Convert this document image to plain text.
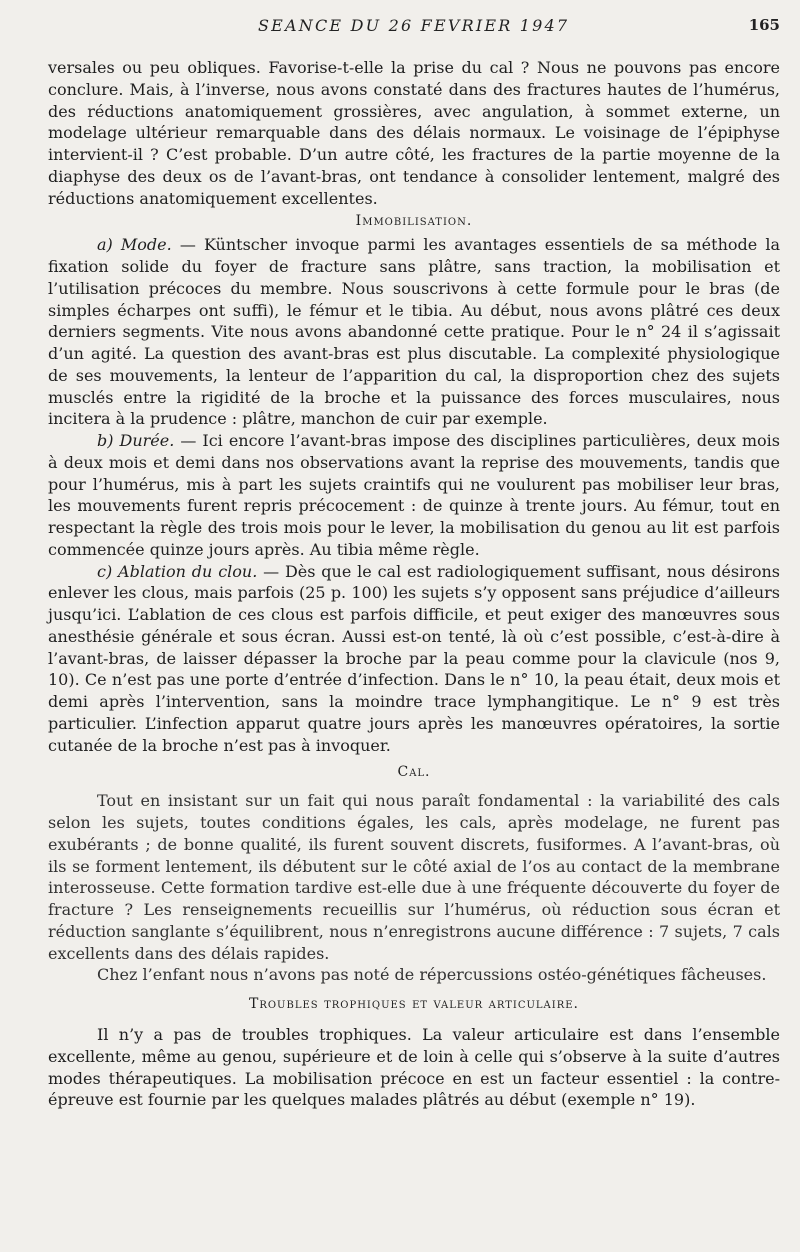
SEANCE DU 26 FEVRIER 1947	165

versales ou peu obliques. Favorise-t-elle la prise du cal ? Nous ne pouvons pas encore conclure. Mais, à l’inverse, nous avons constaté dans des fractures hautes de l’humérus, des réductions anatomiquement grossières, avec angulation, à sommet externe, un modelage ultérieur remarquable dans des délais normaux. Le voisinage de l’épiphyse intervient-il ? C’est probable. D’un autre côté, les fractures de la partie moyenne de la diaphyse des deux os de l’avant-bras, ont tendance à consolider lentement, malgré des réductions anatomiquement excellentes.

Immobilisation.

a) Mode. — Küntscher invoque parmi les avantages essentiels de sa méthode la fixation solide du foyer de fracture sans plâtre, sans traction, la mobilisation et l’utilisation précoces du membre. Nous souscrivons à cette formule pour le bras (de simples écharpes ont suffi), le fémur et le tibia. Au début, nous avons plâtré ces deux derniers segments. Vite nous avons abandonné cette pratique. Pour le n° 24 il s’agissait d’un agité. La question des avant-bras est plus discutable. La complexité physiologique de ses mouvements, la lenteur de l’apparition du cal, la disproportion chez des sujets musclés entre la rigidité de la broche et la puissance des forces musculaires, nous incitera à la prudence : plâtre, manchon de cuir par exemple.

b) Durée. — Ici encore l’avant-bras impose des disciplines particulières, deux mois à deux mois et demi dans nos observations avant la reprise des mouvements, tandis que pour l’humérus, mis à part les sujets craintifs qui ne voulurent pas mobiliser leur bras, les mouvements furent repris précocement : de quinze à trente jours. Au fémur, tout en respectant la règle des trois mois pour le lever, la mobilisation du genou au lit est parfois commencée quinze jours après. Au tibia même règle.

c) Ablation du clou. — Dès que le cal est radiologiquement suffisant, nous désirons enlever les clous, mais parfois (25 p. 100) les sujets s’y opposent sans préjudice d’ailleurs jusqu’ici. L’ablation de ces clous est parfois difficile, et peut exiger des manœuvres sous anesthésie générale et sous écran. Aussi est-on tenté, là où c’est possible, c’est-à-dire à l’avant-bras, de laisser dépasser la broche par la peau comme pour la clavicule (nos 9, 10). Ce n’est pas une porte d’entrée d’infection. Dans le n° 10, la peau était, deux mois et demi après l’intervention, sans la moindre trace lymphangitique. Le n° 9 est très particulier. L’infection apparut quatre jours après les manœuvres opératoires, la sortie cutanée de la broche n’est pas à invoquer.

Cal.

Tout en insistant sur un fait qui nous paraît fondamental : la variabilité des cals selon les sujets, toutes conditions égales, les cals, après modelage, ne furent pas exubérants ; de bonne qualité, ils furent souvent discrets, fusiformes. A l’avant-bras, où ils se forment lentement, ils débutent sur le côté axial de l’os au contact de la membrane interosseuse. Cette formation tardive est-elle due à une fréquente découverte du foyer de fracture ? Les renseignements recueillis sur l’humérus, où réduction sous écran et réduction sanglante s’équilibrent, nous n’enregistrons aucune différence : 7 sujets, 7 cals excellents dans des délais rapides.

Chez l’enfant nous n’avons pas noté de répercussions ostéo-génétiques fâcheuses.

Troubles trophiques et valeur articulaire.

Il n’y a pas de troubles trophiques. La valeur articulaire est dans l’ensemble excellente, même au genou, supérieure et de loin à celle qui s’observe à la suite d’autres modes thérapeutiques. La mobilisation précoce en est un facteur essentiel : la contre-épreuve est fournie par les quelques malades plâtrés au début (exemple n° 19).
